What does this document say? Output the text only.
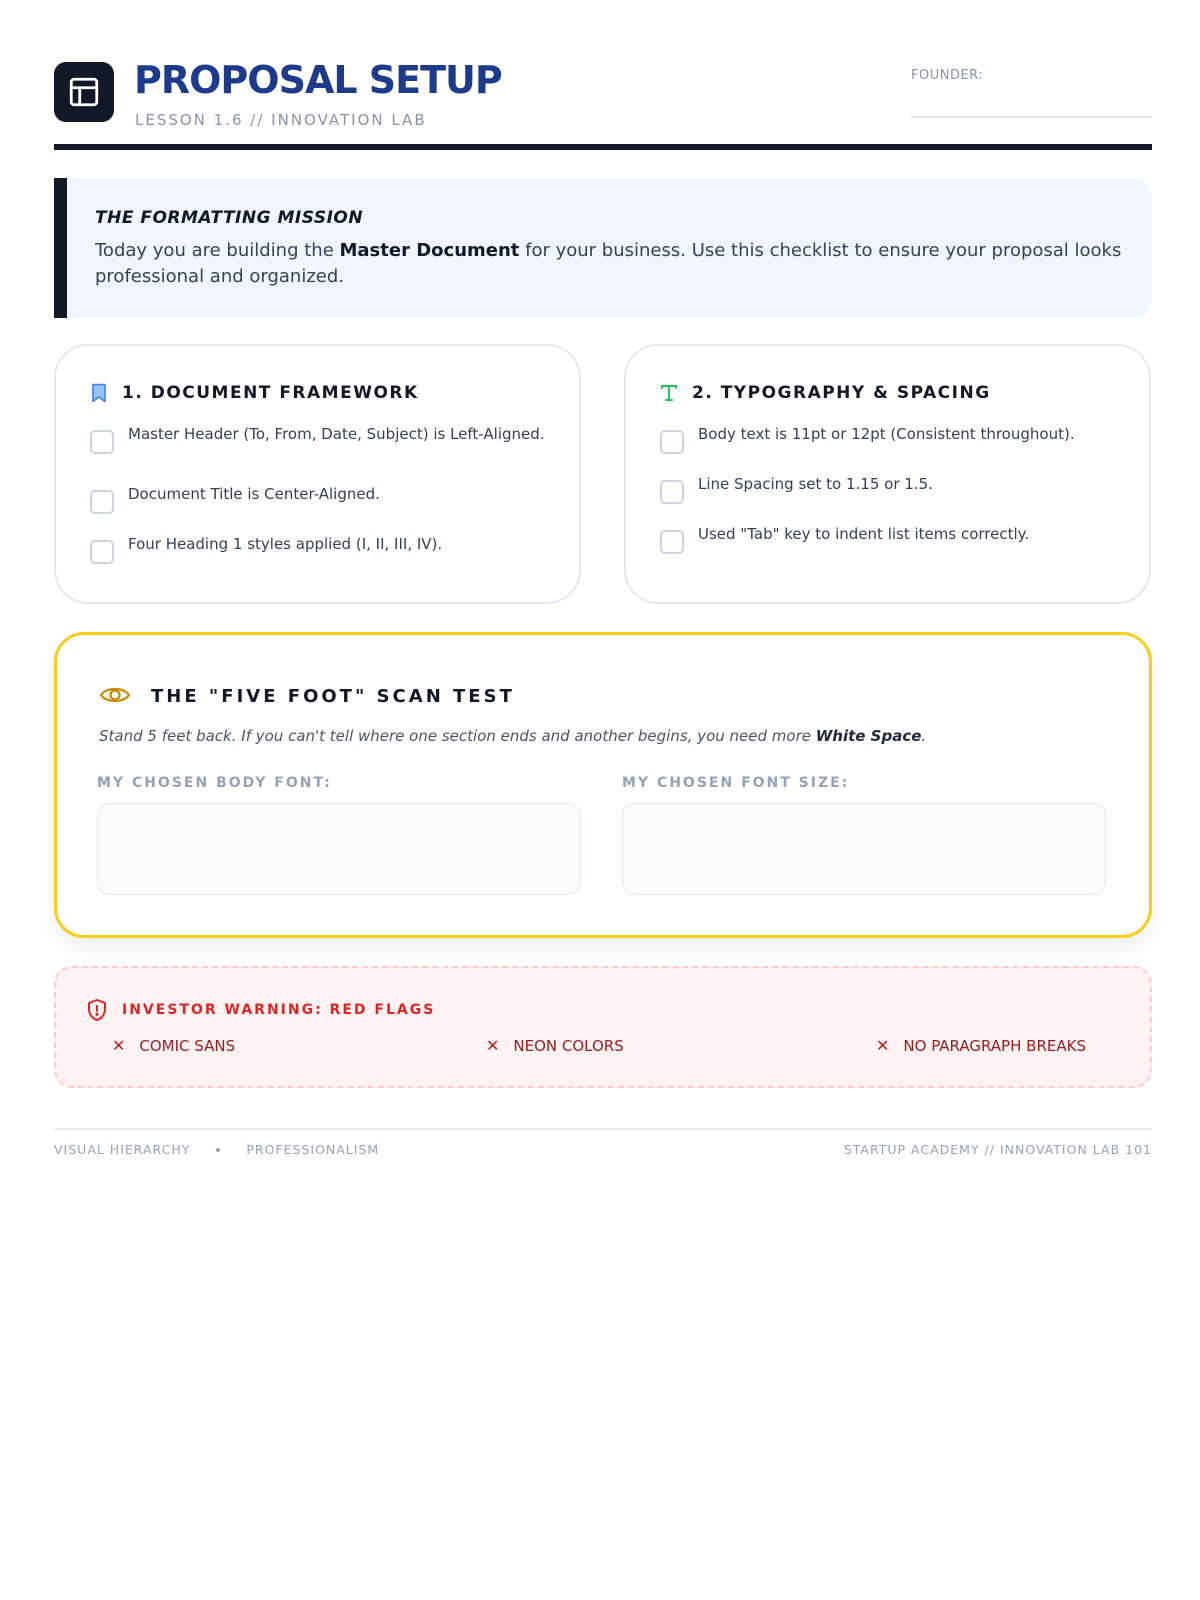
PROPOSAL SETUP
LESSON 1.6 // INNOVATION LAB
FOUNDER:
THE FORMATTING MISSION
Today you are building the Master Document for your business. Use this checklist to ensure your proposal looks professional and organized.
1. DOCUMENT FRAMEWORK
Master Header (To, From, Date, Subject) is Left-Aligned.
Document Title is Center-Aligned.
Four Heading 1 styles applied (I, II, III, IV).
2. TYPOGRAPHY & SPACING
Body text is 11pt or 12pt (Consistent throughout).
Line Spacing set to 1.15 or 1.5.
Used "Tab" key to indent list items correctly.
THE "FIVE FOOT" SCAN TEST
Stand 5 feet back. If you can't tell where one section ends and another begins, you need more White Space.
MY CHOSEN BODY FONT:	MY CHOSEN FONT SIZE:
INVESTOR WARNING: RED FLAGS
✕ COMIC SANS	✕ NEON COLORS	✕ NO PARAGRAPH BREAKS
VISUAL HIERARCHY	PROFESSIONALISM	STARTUP ACADEMY // INNOVATION LAB 101
